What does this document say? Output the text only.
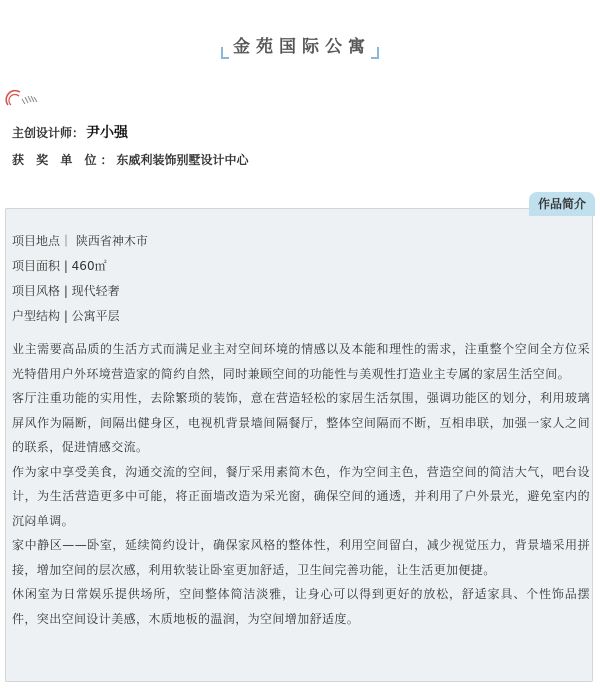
金苑国际公寓
主创设计师： 尹小强
获 奖 单 位：东威利装饰别墅设计中心
作品简介
项目地点｜ 陕西省神木市
项目面积 | 460㎡
项目风格 | 现代轻奢
户型结构 | 公寓平层

业主需要高品质的生活方式而满足业主对空间环境的情感以及本能和理性的需求，注重整个空间全方位采光特借用户外环境营造家的简约自然，同时兼顾空间的功能性与美观性打造业主专属的家居生活空间。

客厅注重功能的实用性，去除繁琐的装饰，意在营造轻松的家居生活氛围，强调功能区的划分，利用玻璃屏风作为隔断，间隔出健身区，电视机背景墙间隔餐厅，整体空间隔而不断，互相串联，加强一家人之间的联系，促进情感交流。

作为家中享受美食，沟通交流的空间，餐厅采用素简木色，作为空间主色，营造空间的简洁大气，吧台设计，为生活营造更多中可能，将正面墙改造为采光窗，确保空间的通透，并利用了户外景光，避免室内的沉闷单调。

家中静区——卧室，延续简约设计，确保家风格的整体性，利用空间留白，减少视觉压力，背景墙采用拼接，增加空间的层次感，利用软装让卧室更加舒适，卫生间完善功能，让生活更加便捷。

休闲室为日常娱乐提供场所，空间整体简洁淡雅，让身心可以得到更好的放松，舒适家具、个性饰品摆件，突出空间设计美感，木质地板的温润，为空间增加舒适度。
